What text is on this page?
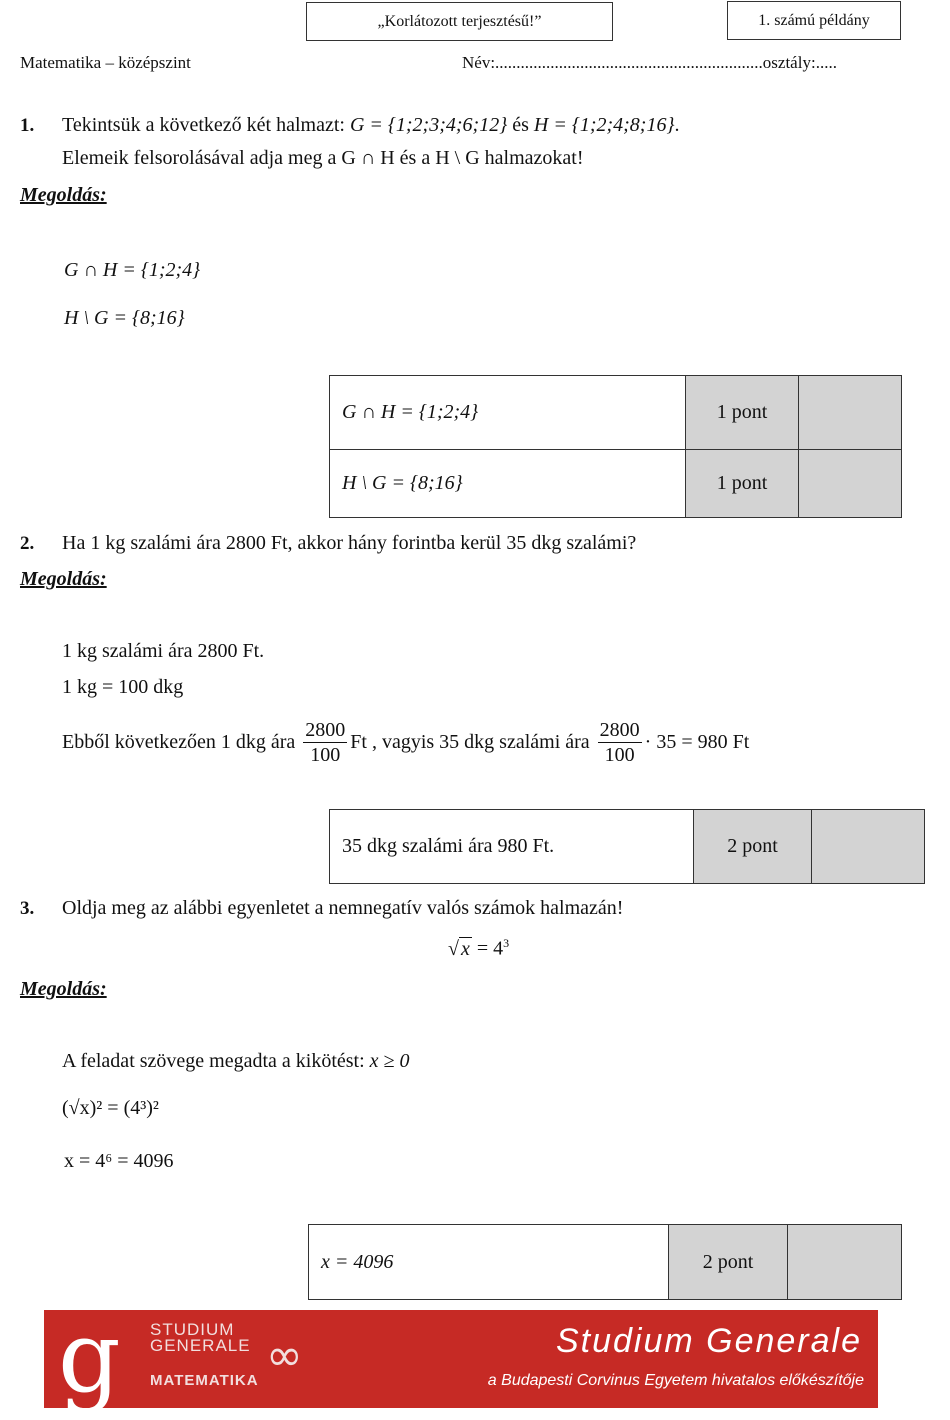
„Korlátozott terjesztésű!”	1. számú példány
Matematika – középszint	Név:...............................................................osztály:.....
1. Tekintsük a következő két halmazt: G = {1;2;3;4;6;12} és H = {1;2;4;8;16}.
Elemeik felsorolásával adja meg a G ∩ H és a H \ G halmazokat!
Megoldás:
G ∩ H = {1;2;4}
H \ G = {8;16}
G ∩ H = {1;2;4}	1 pont	
H \ G = {8;16}	1 pont	
2. Ha 1 kg szalámi ára 2800 Ft, akkor hány forintba kerül 35 dkg szalámi?
Megoldás:
1 kg szalámi ára 2800 Ft.
1 kg = 100 dkg
Ebből következően 1 dkg ára $\frac{2800}{100}$ Ft , vagyis 35 dkg szalámi ára $\frac{2800}{100} \cdot 35 = 980$ Ft
35 dkg szalámi ára 980 Ft.	2 pont	
3. Oldja meg az alábbi egyenletet a nemnegatív valós számok halmazán!
√ $x = 4^3$
Megoldás:
A feladat szövege megadta a kikötést: x ≥ 0
(√x)² = (4³)²
x = 4⁶ = 4096
x = 4096	2 pont	
g STUDIUM
GENERALE ∞
MATEMATIKA
Studium Generale
a Budapesti Corvinus Egyetem hivatalos előkészítője
